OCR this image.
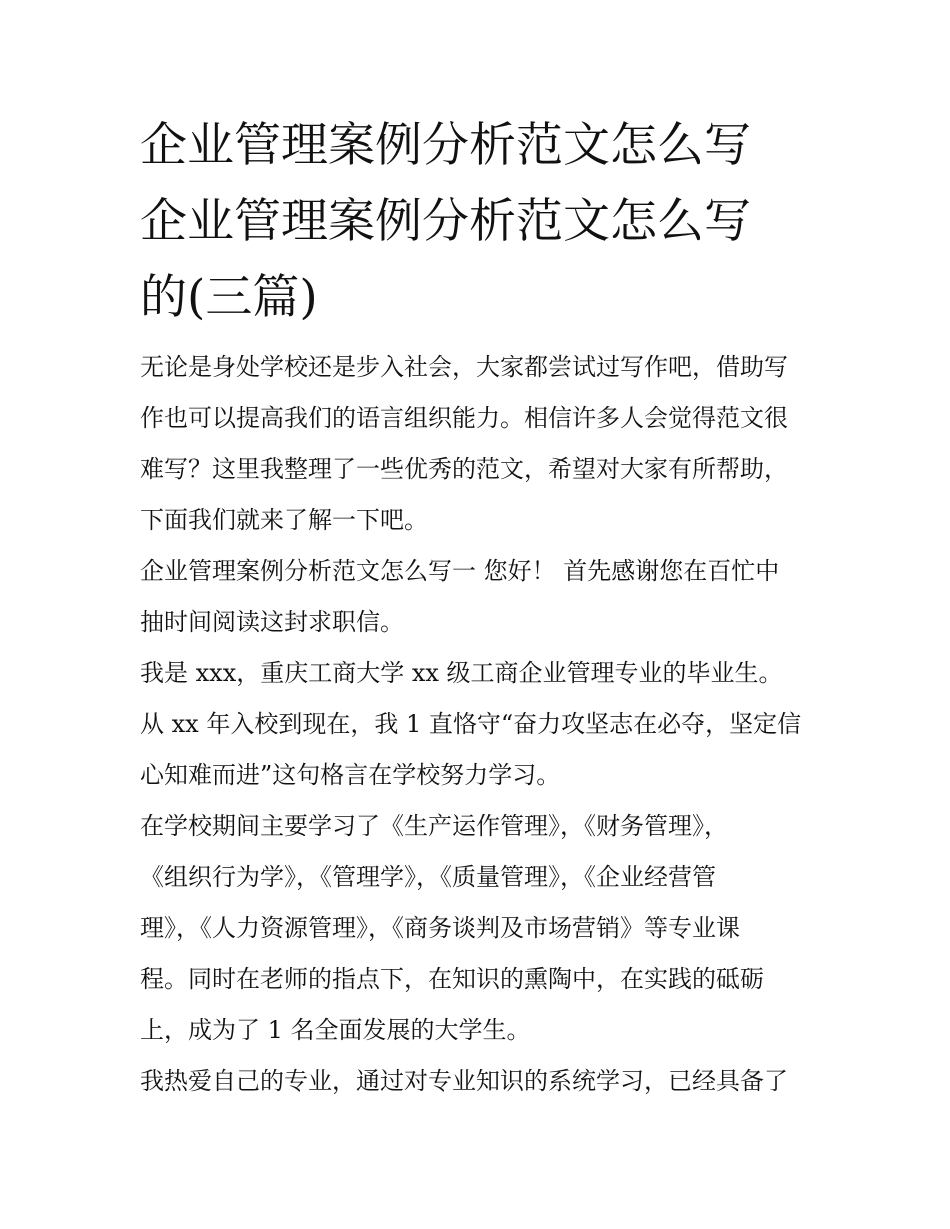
企业管理案例分析范文怎么写
企业管理案例分析范文怎么写
的(三篇)

无论是身处学校还是步入社会，大家都尝试过写作吧，借助写
作也可以提高我们的语言组织能力。相信许多人会觉得范文很
难写？这里我整理了一些优秀的范文，希望对大家有所帮助，
下面我们就来了解一下吧。

企业管理案例分析范文怎么写一 您好！ 首先感谢您在百忙中
抽时间阅读这封求职信。

我是 xxx，重庆工商大学 xx 级工商企业管理专业的毕业生。

从 xx 年入校到现在，我 1 直恪守“奋力攻坚志在必夺，坚定信
心知难而进”这句格言在学校努力学习。

在学校期间主要学习了《生产运作管理》，《财务管理》，
《组织行为学》，《管理学》，《质量管理》，《企业经营管
理》，《人力资源管理》，《商务谈判及市场营销》等专业课
程。同时在老师的指点下，在知识的熏陶中，在实践的砥砺
上，成为了 1 名全面发展的大学生。

我热爱自己的专业，通过对专业知识的系统学习，已经具备了
